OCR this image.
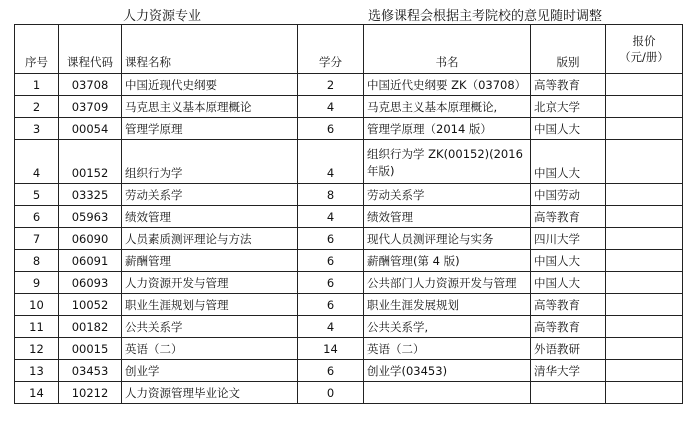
人力资源专业	选修课程会根据主考院校的意见随时调整
序号	课程代码	课程名称	学分	书名	版别	报价
（元/册）

1	03708	中国近现代史纲要	2	中国近代史纲要 ZK（03708）	高等教育	
2	03709	马克思主义基本原理概论	4	马克思主义基本原理概论,	北京大学	
3	00054	管理学原理	6	管理学原理（2014 版）	中国人大	
4	00152	组织行为学	4	组织行为学 ZK(00152)(2016 年版)	中国人大	
5	03325	劳动关系学	8	劳动关系学	中国劳动	
6	05963	绩效管理	4	绩效管理	高等教育	
7	06090	人员素质测评理论与方法	6	现代人员测评理论与实务	四川大学	
8	06091	薪酬管理	6	薪酬管理(第 4 版)	中国人大	
9	06093	人力资源开发与管理	6	公共部门人力资源开发与管理	中国人大	
10	10052	职业生涯规划与管理	6	职业生涯发展规划	高等教育	
11	00182	公共关系学	4	公共关系学,	高等教育	
12	00015	英语（二）	14	英语（二）	外语教研	
13	03453	创业学	6	创业学(03453)	清华大学	
14	10212	人力资源管理毕业论文	0			
